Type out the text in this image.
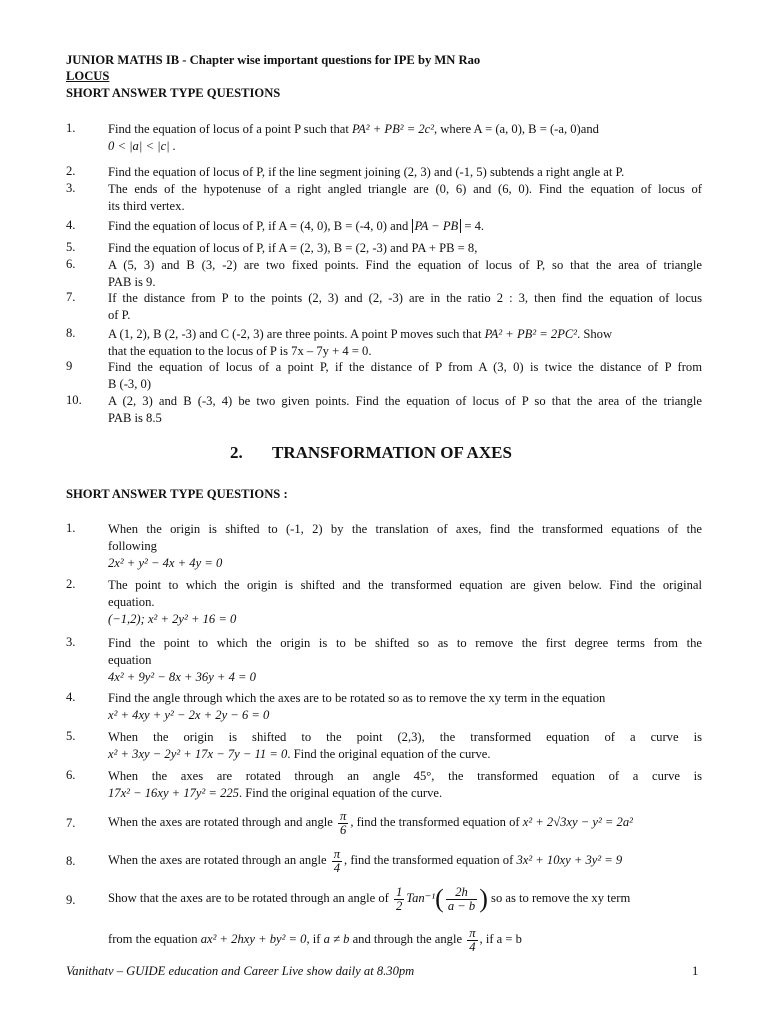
JUNIOR MATHS IB - Chapter wise important questions for IPE by MN Rao
LOCUS
SHORT ANSWER TYPE QUESTIONS
1.	Find the equation of locus of a point P such that PA² + PB² = 2c², where A = (a, 0), B = (-a, 0)and
0 < |a| < |c| .
2.	Find the equation of locus of P, if the line segment joining (2, 3) and (-1, 5) subtends a right angle at P.
3.	The ends of the hypotenuse of a right angled triangle are (0, 6) and (6, 0). Find the equation of locus of
its third vertex.
4.	Find the equation of locus of P, if A = (4, 0), B = (-4, 0) and PA − PB = 4.
5.	Find the equation of locus of P, if A = (2, 3), B = (2, -3) and PA + PB = 8,
6.	A (5, 3) and B (3, -2) are two fixed points. Find the equation of locus of P, so that the area of triangle
PAB is 9.
7.	If the distance from P to the points (2, 3) and (2, -3) are in the ratio 2 : 3, then find the equation of locus
of P.
8.	A (1, 2), B (2, -3) and C (-2, 3) are three points. A point P moves such that PA² + PB² = 2PC². Show
that the equation to the locus of P is 7x – 7y + 4 = 0.
9	Find the equation of locus of a point P, if the distance of P from A (3, 0) is twice the distance of P from
B (-3, 0)
10. A (2, 3) and B (-3, 4) be two given points. Find the equation of locus of P so that the area of the triangle
PAB is 8.5
2. TRANSFORMATION OF AXES
SHORT ANSWER TYPE QUESTIONS :
1.	When the origin is shifted to (-1, 2) by the translation of axes, find the transformed equations of the
following
2x² + y² − 4x + 4y = 0
2.	The point to which the origin is shifted and the transformed equation are given below. Find the original
equation.
(−1,2); x² + 2y² + 16 = 0
3.	Find the point to which the origin is to be shifted so as to remove the first degree terms from the
equation
4x² + 9y² − 8x + 36y + 4 = 0
4.	Find the angle through which the axes are to be rotated so as to remove the xy term in the equation
x² + 4xy + y² − 2x + 2y − 6 = 0
5.	When the origin is shifted to the point (2,3), the transformed equation of a curve is
x² + 3xy − 2y² + 17x − 7y − 11 = 0. Find the original equation of the curve.
6.	When the axes are rotated through an angle 45°, the transformed equation of a curve is
17x² − 16xy + 17y² = 225. Find the original equation of the curve.
7.	When the axes are rotated through and angle $\frac{\pi}{6}$ , find the transformed equation of x² + 2√3xy − y² = 2a²
8.	When the axes are rotated through an angle $\frac{\pi}{4}$ , find the transformed equation of 3x² + 10xy + 3y² = 9
9.	Show that the axes are to be rotated through an angle of $\frac{1}{2} Tan^{-1}( \frac{2h}{a - b}$ ) so as to remove the xy term
from the equation ax² + 2hxy + by² = 0, if a ≠ b and through the angle $\frac{\pi}{4}$ , if a = b
Vanithatv – GUIDE education and Career Live show daily at 8.30pm	1
